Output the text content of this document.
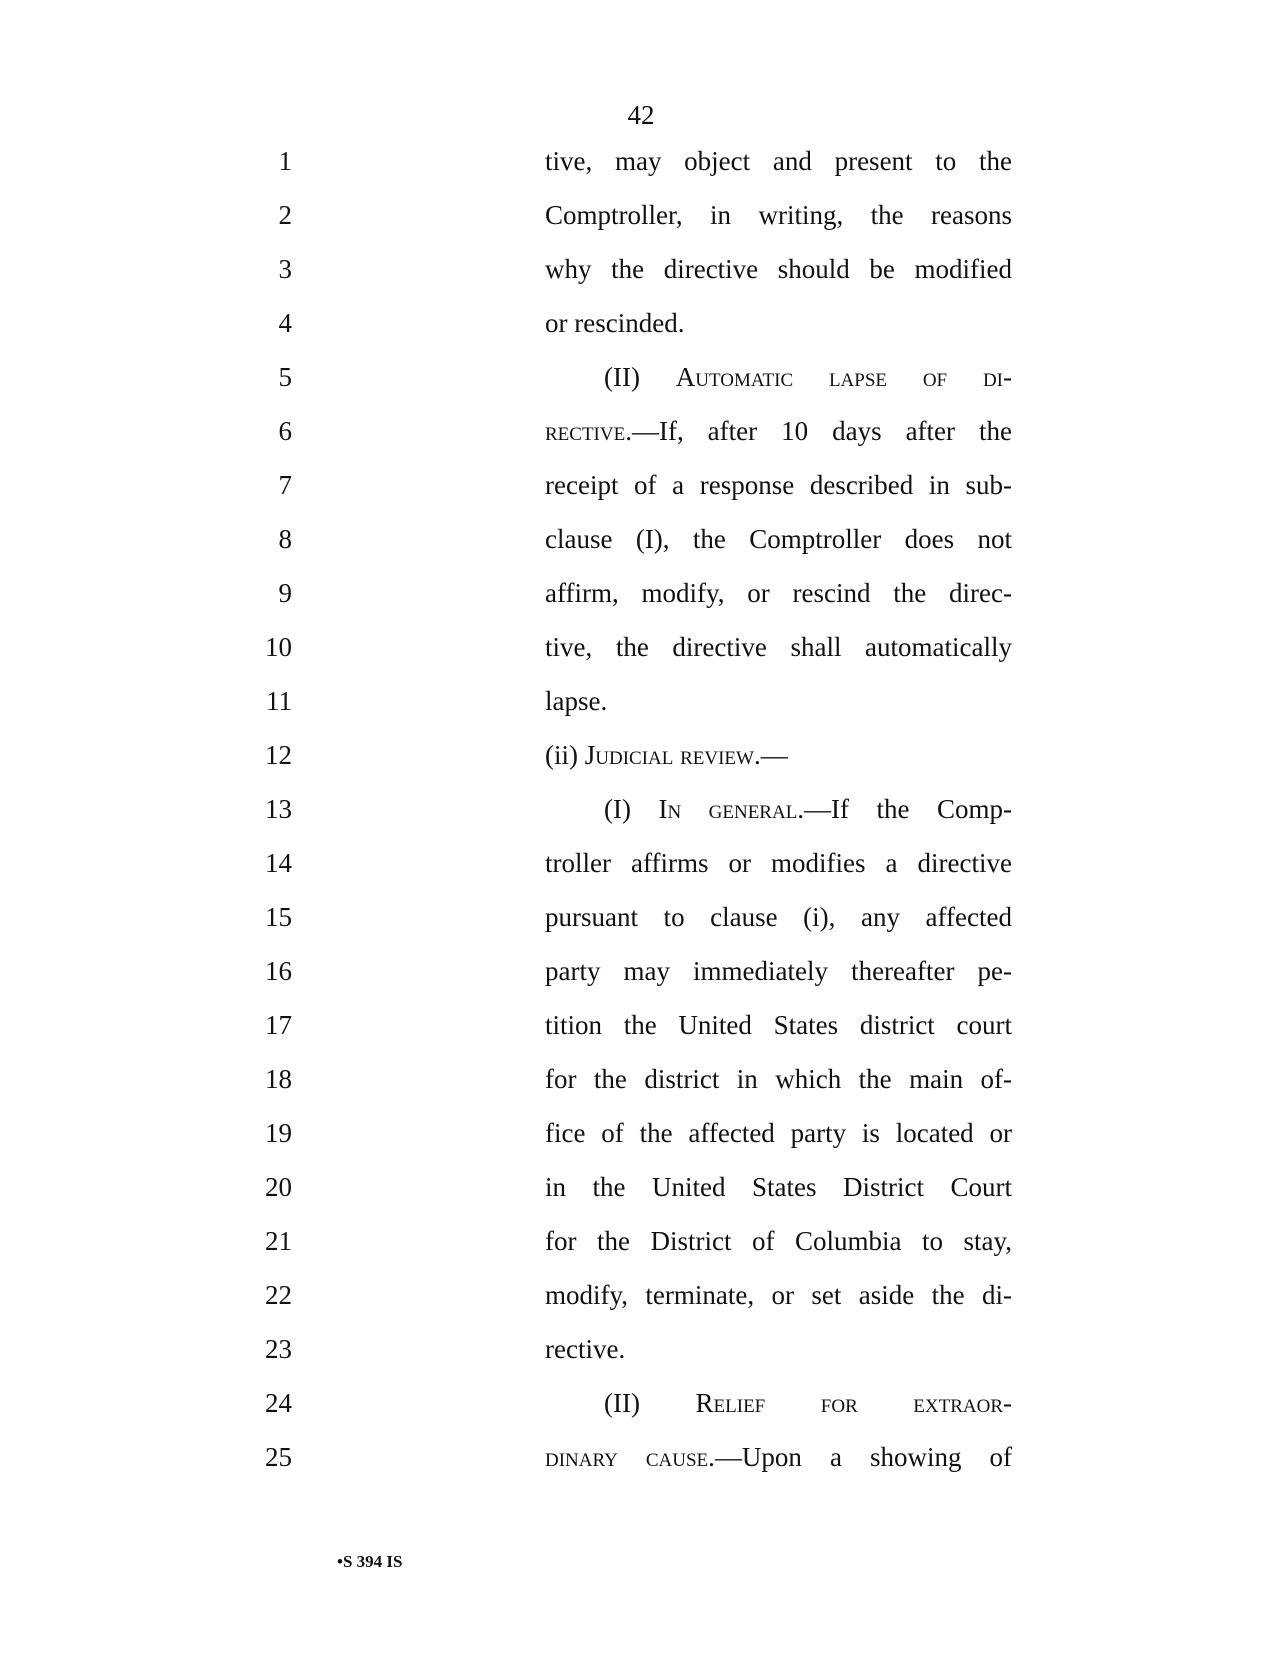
42
1	tive, may object and present to the
2	Comptroller, in writing, the reasons
3	why the directive should be modified
4	or rescinded.
5	(II) Automatic lapse of di-
6	rective.—If, after 10 days after the
7	receipt of a response described in sub-
8	clause (I), the Comptroller does not
9	affirm, modify, or rescind the direc-
10	tive, the directive shall automatically
11	lapse.
12	(ii) Judicial review.—
13	(I) In general.—If the Comp-
14	troller affirms or modifies a directive
15	pursuant to clause (i), any affected
16	party may immediately thereafter pe-
17	tition the United States district court
18	for the district in which the main of-
19	fice of the affected party is located or
20	in the United States District Court
21	for the District of Columbia to stay,
22	modify, terminate, or set aside the di-
23	rective.
24	(II) Relief for extraor-
25	dinary cause.—Upon a showing of
•S 394 IS
